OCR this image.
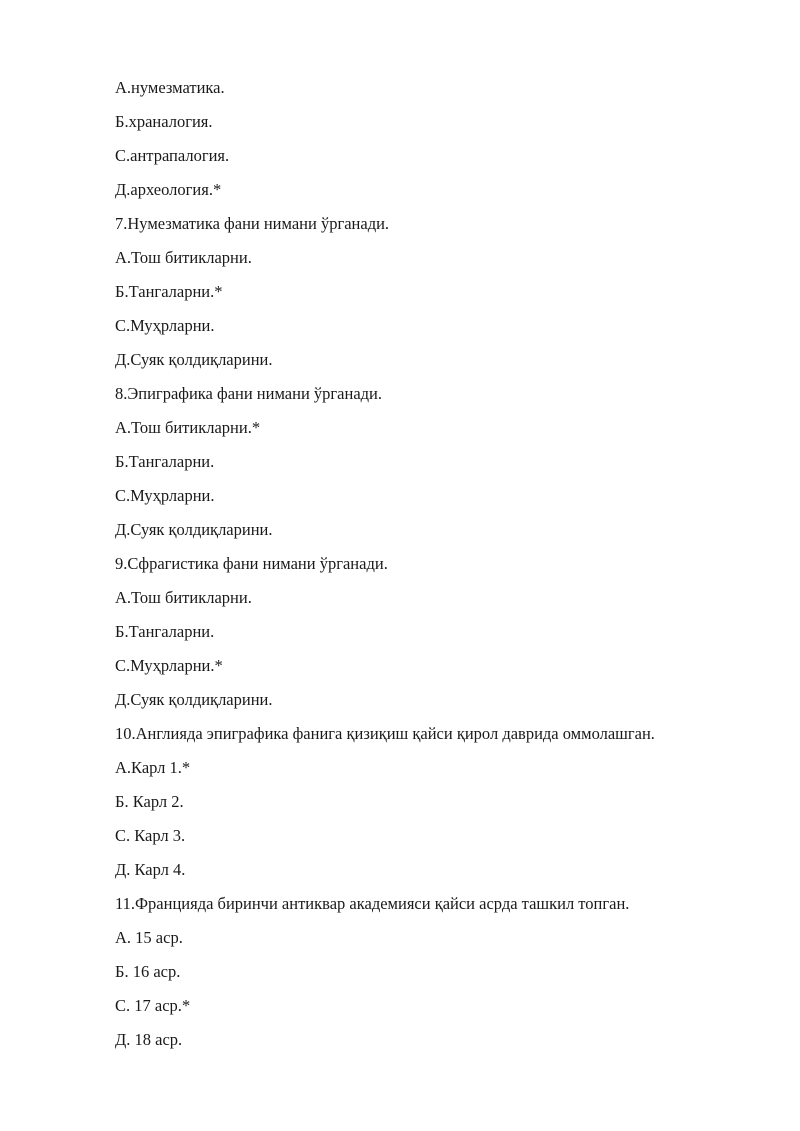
А.нумезматика.
Б.храналогия.
С.антрапалогия.
Д.археология.*
7.Нумезматика фани нимани ўрганади.
А.Тош битикларни.
Б.Тангаларни.*
С.Муҳрларни.
Д.Суяк қолдиқларини.
8.Эпиграфика фани нимани ўрганади.
А.Тош битикларни.*
Б.Тангаларни.
С.Муҳрларни.
Д.Суяк қолдиқларини.
9.Сфрагистика фани нимани ўрганади.
А.Тош битикларни.
Б.Тангаларни.
С.Муҳрларни.*
Д.Суяк қолдиқларини.
10.Англияда эпиграфика фанига қизиқиш қайси қирол даврида оммолашган.
А.Карл 1.*
Б. Карл 2.
С. Карл 3.
Д. Карл 4.
11.Францияда биринчи антиквар академияси қайси асрда ташкил топган.
А. 15 аср.
Б. 16 аср.
С. 17 аср.*
Д. 18 аср.
